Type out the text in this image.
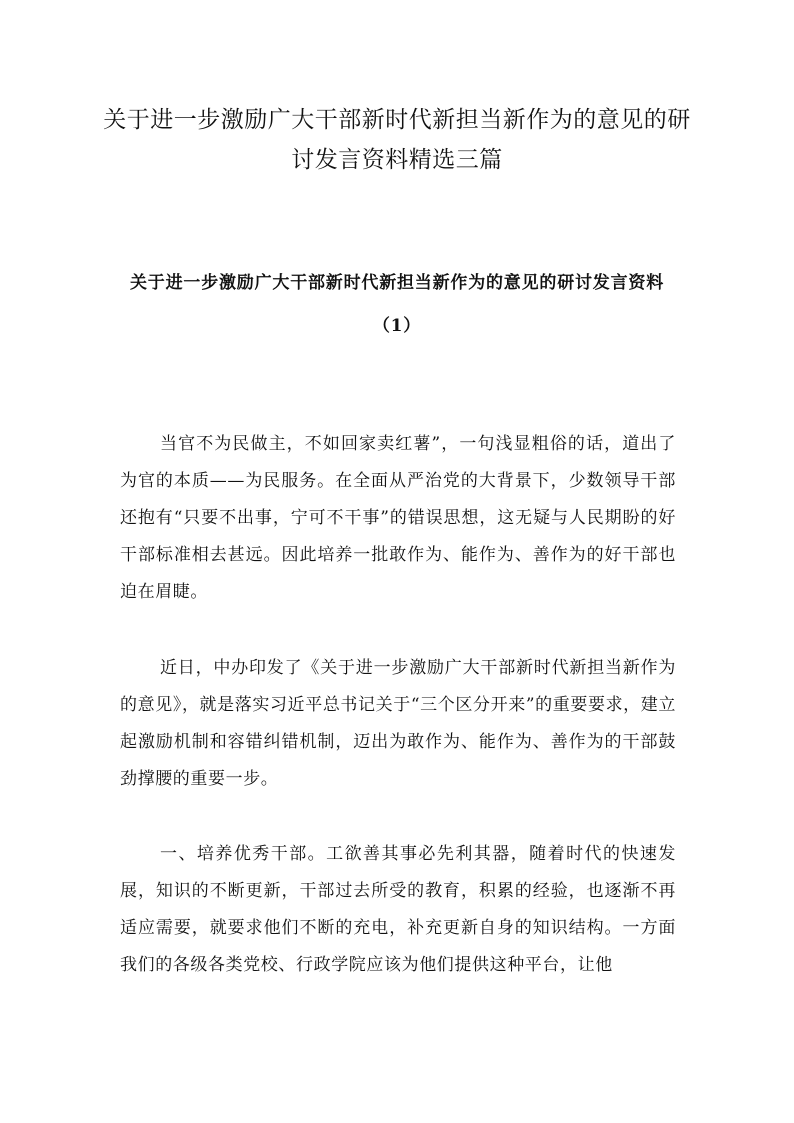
关于进一步激励广大干部新时代新担当新作为的意见的研讨发言资料精选三篇
关于进一步激励广大干部新时代新担当新作为的意见的研讨发言资料（1）

当官不为民做主，不如回家卖红薯”，一句浅显粗俗的话，道出了为官的本质——为民服务。在全面从严治党的大背景下，少数领导干部还抱有“只要不出事，宁可不干事”的错误思想，这无疑与人民期盼的好干部标准相去甚远。因此培养一批敢作为、能作为、善作为的好干部也迫在眉睫。

近日，中办印发了《关于进一步激励广大干部新时代新担当新作为的意见》，就是落实习近平总书记关于“三个区分开来”的重要要求，建立起激励机制和容错纠错机制，迈出为敢作为、能作为、善作为的干部鼓劲撑腰的重要一步。

一、培养优秀干部。工欲善其事必先利其器，随着时代的快速发展，知识的不断更新，干部过去所受的教育，积累的经验，也逐渐不再适应需要，就要求他们不断的充电，补充更新自身的知识结构。一方面我们的各级各类党校、行政学院应该为他们提供这种平台，让他
